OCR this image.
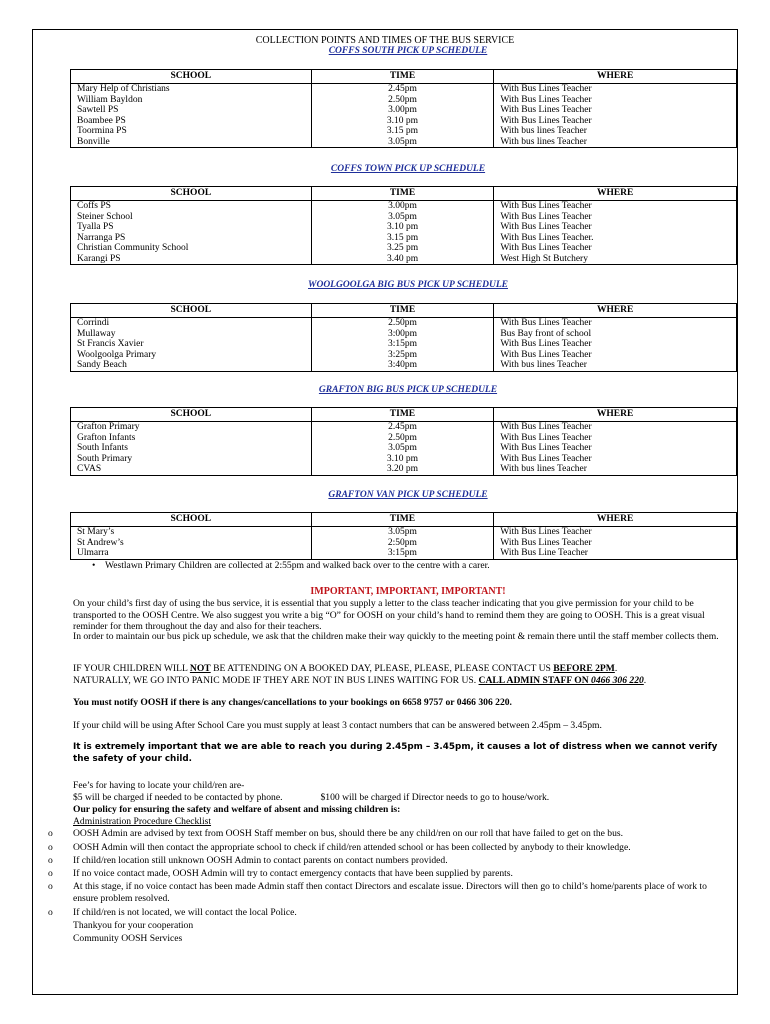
COLLECTION POINTS AND TIMES OF THE BUS SERVICE
COFFS SOUTH PICK UP SCHEDULE
SCHOOL	TIME	WHERE
Mary Help of Christians	2.45pm	With Bus Lines Teacher
William Bayldon	2.50pm	With Bus Lines Teacher
Sawtell PS	3.00pm	With Bus Lines Teacher
Boambee PS	3.10 pm	With Bus Lines Teacher
Toormina PS	3.15 pm	With bus lines Teacher
Bonville	3.05pm	With bus lines Teacher
COFFS TOWN PICK UP SCHEDULE
SCHOOL	TIME	WHERE
Coffs PS	3.00pm	With Bus Lines Teacher
Steiner School	3.05pm	With Bus Lines Teacher
Tyalla PS	3.10 pm	With Bus Lines Teacher
Narranga PS	3.15 pm	With Bus Lines Teacher.
Christian Community School	3.25 pm	With Bus Lines Teacher
Karangi PS	3.40 pm	West High St Butchery
WOOLGOOLGA BIG BUS PICK UP SCHEDULE
SCHOOL	TIME	WHERE
Corrindi	2.50pm	With Bus Lines Teacher
Mullaway	3:00pm	Bus Bay front of school
St Francis Xavier	3:15pm	With Bus Lines Teacher
Woolgoolga Primary	3:25pm	With Bus Lines Teacher
Sandy Beach	3:40pm	With bus lines Teacher
GRAFTON BIG BUS PICK UP SCHEDULE
SCHOOL	TIME	WHERE
Grafton Primary	2.45pm	With Bus Lines Teacher
Grafton Infants	2.50pm	With Bus Lines Teacher
South Infants	3.05pm	With Bus Lines Teacher
South Primary	3.10 pm	With Bus Lines Teacher
CVAS	3.20 pm	With bus lines Teacher
GRAFTON VAN PICK UP SCHEDULE
SCHOOL	TIME	WHERE
St Mary’s	3.05pm	With Bus Lines Teacher
St Andrew’s	2:50pm	With Bus Lines Teacher
Ulmarra	3:15pm	With Bus Line Teacher
• Westlawn Primary Children are collected at 2:55pm and walked back over to the centre with a carer.
IMPORTANT, IMPORTANT, IMPORTANT!
On your child’s first day of using the bus service, it is essential that you supply a letter to the class teacher indicating that you give permission for your child to be transported to the OOSH Centre. We also suggest you write a big “O” for OOSH on your child’s hand to remind them they are going to OOSH. This is a great visual reminder for them throughout the day and also for their teachers.
In order to maintain our bus pick up schedule, we ask that the children make their way quickly to the meeting point & remain there until the staff member collects them.
IF YOUR CHILDREN WILL NOT BE ATTENDING ON A BOOKED DAY, PLEASE, PLEASE, PLEASE CONTACT US BEFORE 2PM.
NATURALLY, WE GO INTO PANIC MODE IF THEY ARE NOT IN BUS LINES WAITING FOR US. CALL ADMIN STAFF ON 0466 306 220.
You must notify OOSH if there is any changes/cancellations to your bookings on 6658 9757 or 0466 306 220.
If your child will be using After School Care you must supply at least 3 contact numbers that can be answered between 2.45pm – 3.45pm.
It is extremely important that we are able to reach you during 2.45pm – 3.45pm, it causes a lot of distress when we cannot verify the safety of your child.
Fee’s for having to locate your child/ren are-
$5 will be charged if needed to be contacted by phone.	$100 will be charged if Director needs to go to house/work.
Our policy for ensuring the safety and welfare of absent and missing children is:
Administration Procedure Checklist
o OOSH Admin are advised by text from OOSH Staff member on bus, should there be any child/ren on our roll that have failed to get on the bus.
o OOSH Admin will then contact the appropriate school to check if child/ren attended school or has been collected by anybody to their knowledge.
o If child/ren location still unknown OOSH Admin to contact parents on contact numbers provided.
o If no voice contact made, OOSH Admin will try to contact emergency contacts that have been supplied by parents.
o At this stage, if no voice contact has been made Admin staff then contact Directors and escalate issue. Directors will then go to child’s home/parents place of work to ensure problem resolved.
o If child/ren is not located, we will contact the local Police.
Thankyou for your cooperation
Community OOSH Services
